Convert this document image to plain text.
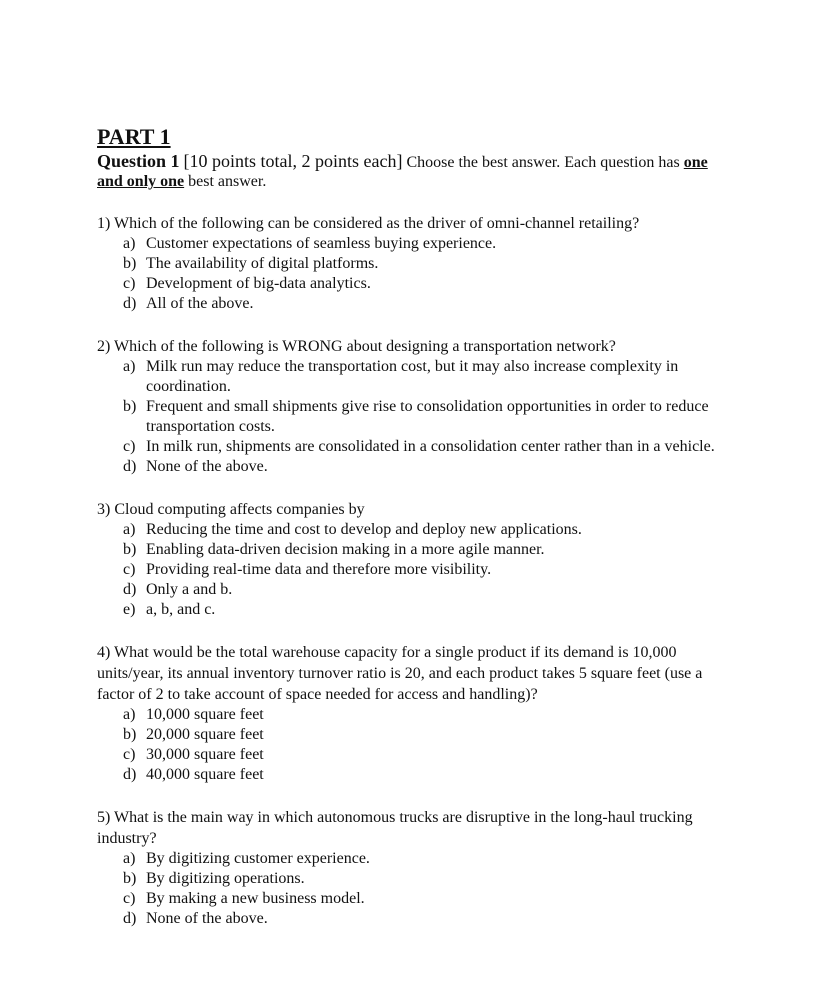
PART 1

Question 1 [10 points total, 2 points each] Choose the best answer. Each question has one and only one best answer.

1) Which of the following can be considered as the driver of omni-channel retailing?

a) Customer expectations of seamless buying experience.
b) The availability of digital platforms.
c) Development of big-data analytics.
d) All of the above.

2) Which of the following is WRONG about designing a transportation network?

a) Milk run may reduce the transportation cost, but it may also increase complexity in coordination.
b) Frequent and small shipments give rise to consolidation opportunities in order to reduce transportation costs.
c) In milk run, shipments are consolidated in a consolidation center rather than in a vehicle.
d) None of the above.

3) Cloud computing affects companies by

a) Reducing the time and cost to develop and deploy new applications.
b) Enabling data-driven decision making in a more agile manner.
c) Providing real-time data and therefore more visibility.
d) Only a and b.
e) a, b, and c.

4) What would be the total warehouse capacity for a single product if its demand is 10,000 units/year, its annual inventory turnover ratio is 20, and each product takes 5 square feet (use a factor of 2 to take account of space needed for access and handling)?

a) 10,000 square feet
b) 20,000 square feet
c) 30,000 square feet
d) 40,000 square feet

5) What is the main way in which autonomous trucks are disruptive in the long-haul trucking industry?

a) By digitizing customer experience.
b) By digitizing operations.
c) By making a new business model.
d) None of the above.
